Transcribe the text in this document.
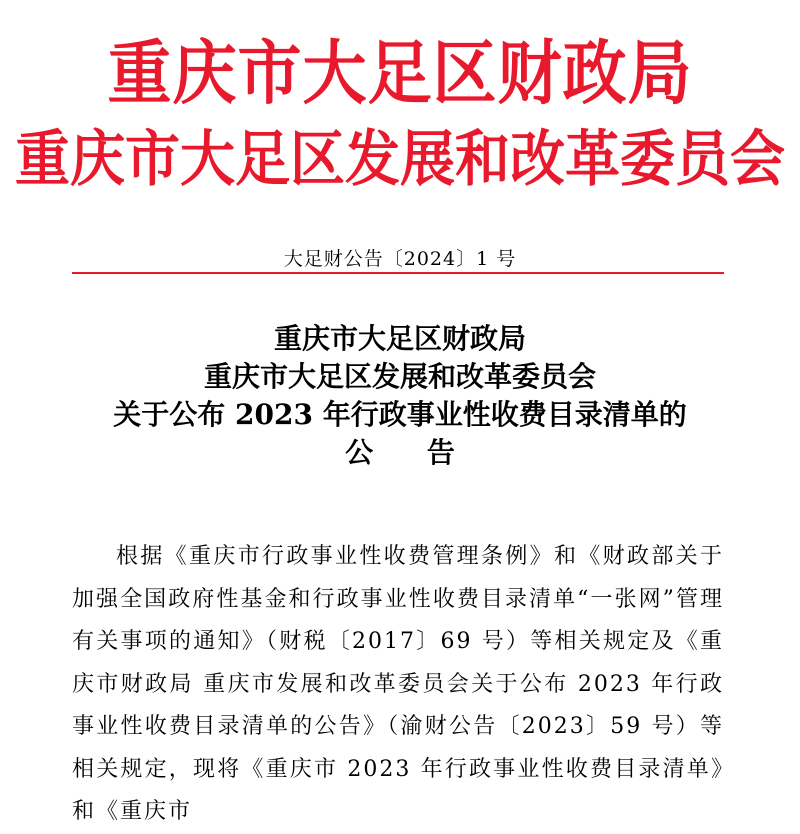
重庆市大足区财政局
重庆市大足区发展和改革委员会
大足财公告〔2024〕1 号
重庆市大足区财政局
重庆市大足区发展和改革委员会
关于公布 2023 年行政事业性收费目录清单的
公 告
根据《重庆市行政事业性收费管理条例》和《财政部关于加强全国政府性基金和行政事业性收费目录清单“一张网”管理有关事项的通知》（财税〔2017〕69 号）等相关规定及《重庆市财政局 重庆市发展和改革委员会关于公布 2023 年行政事业性收费目录清单的公告》（渝财公告〔2023〕59 号）等相关规定，现将《重庆市 2023 年行政事业性收费目录清单》和《重庆市
